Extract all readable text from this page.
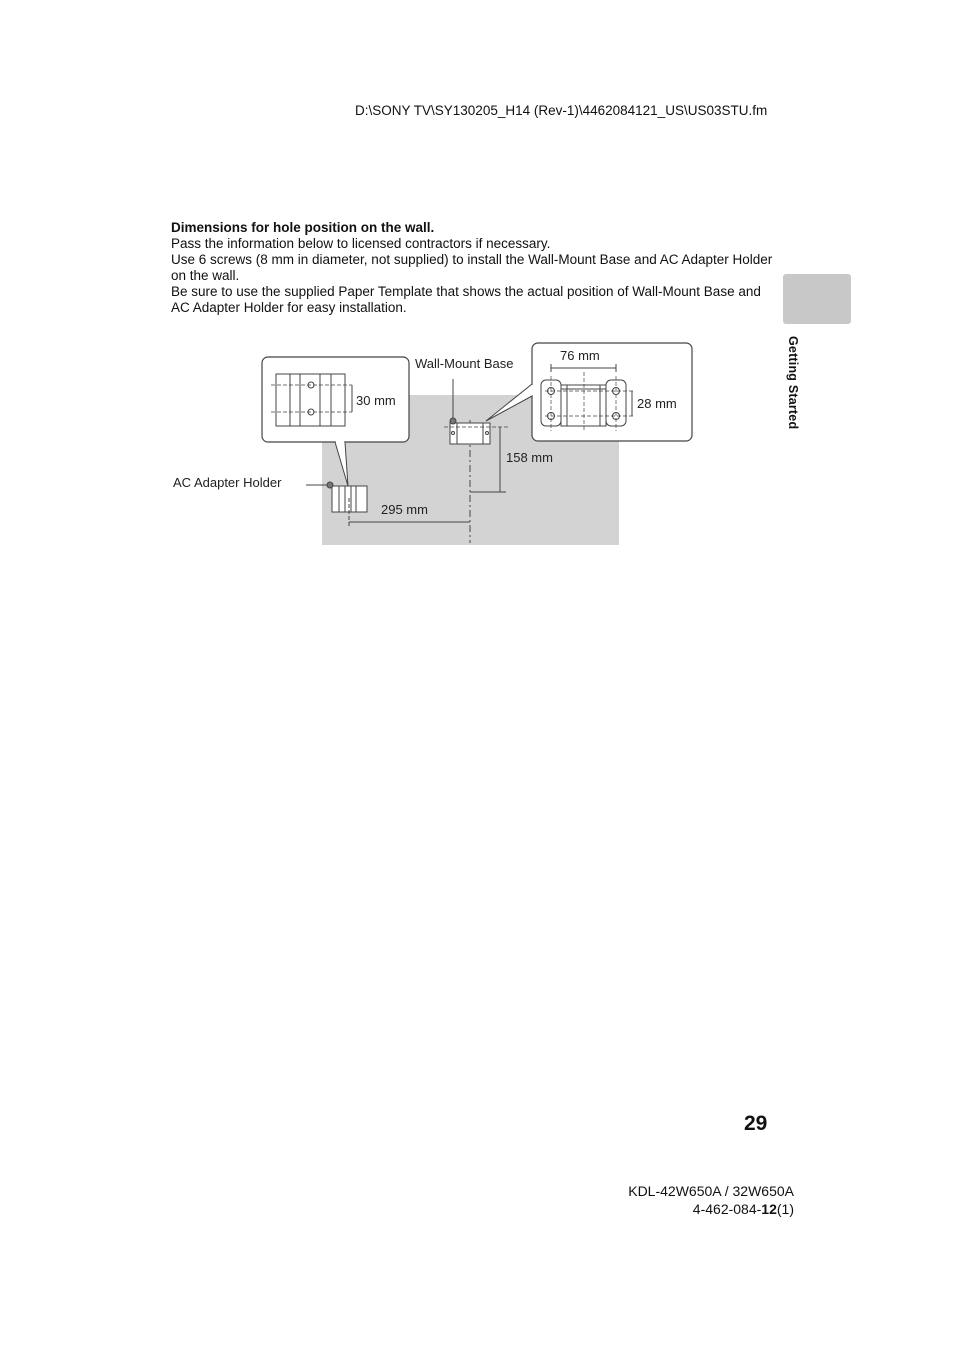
D:\SONY TV\SY130205_H14 (Rev-1)\4462084121_US\US03STU.fm

Dimensions for hole position on the wall.

Pass the information below to licensed contractors if necessary.

Use 6 screws (8 mm in diameter, not supplied) to install the Wall-Mount Base and AC Adapter Holder on the wall.

Be sure to use the supplied Paper Template that shows the actual position of Wall-Mount Base and AC Adapter Holder for easy installation.

Getting Started
Wall-Mount Base
158 mm
AC Adapter Holder
295 mm
30 mm
76 mm
28 mm
29
KDL-42W650A / 32W650A
4-462-084-12(1)
